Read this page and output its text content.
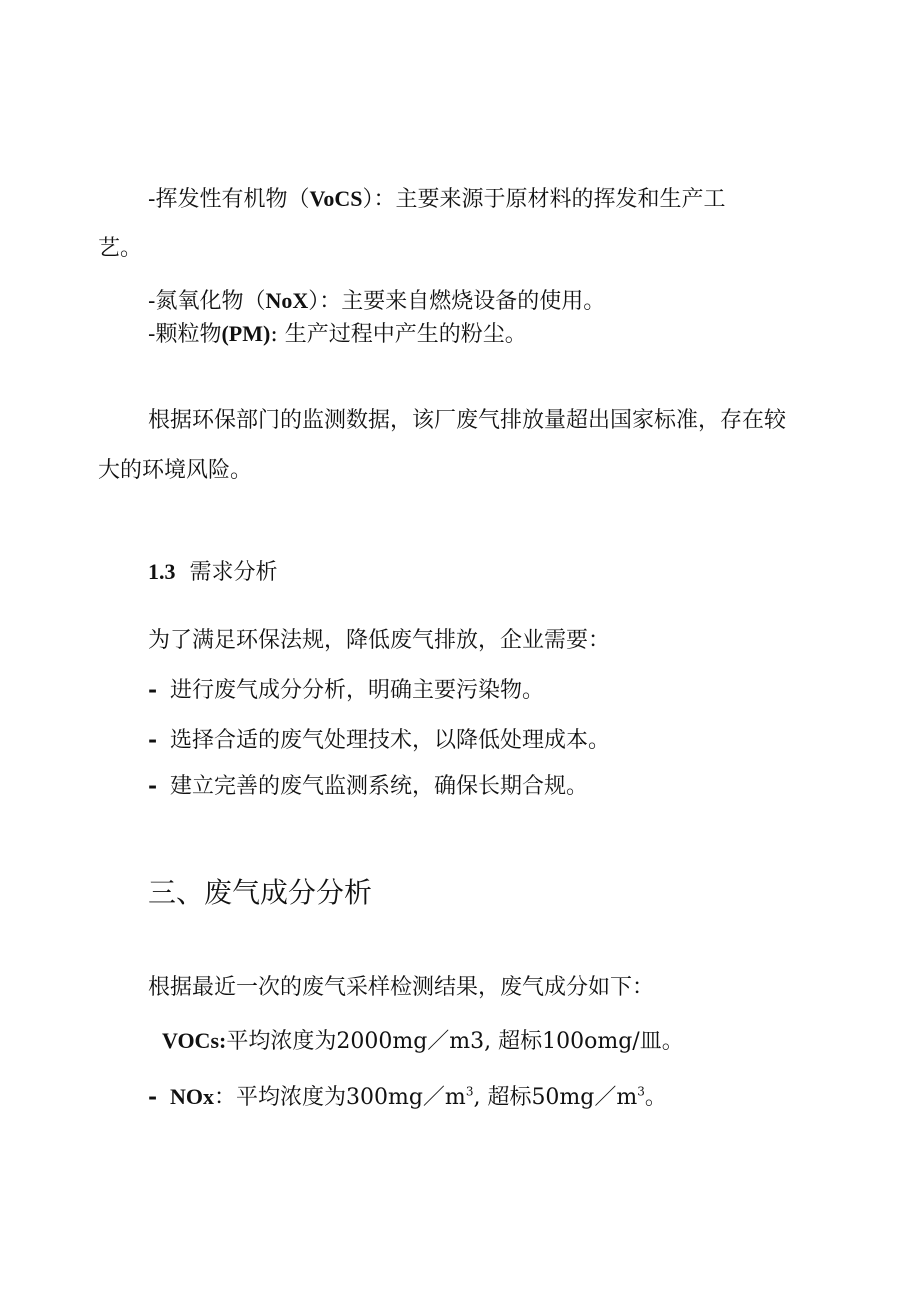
-挥发性有机物（VoCS）：主要来源于原材料的挥发和生产工
艺。
-氮氧化物（NoX）：主要来自燃烧设备的使用。
-颗粒物(PM): 生产过程中产生的粉尘。
根据环保部门的监测数据，该厂废气排放量超出国家标准，存在较
大的环境风险。
1.3 需求分析
为了满足环保法规，降低废气排放，企业需要：
- 进行废气成分分析，明确主要污染物。
- 选择合适的废气处理技术，以降低处理成本。
- 建立完善的废气监测系统，确保长期合规。
三、废气成分分析
根据最近一次的废气采样检测结果，废气成分如下：
VOCs:平均浓度为2000mg／m3, 超标100omg/皿。
- NOx：平均浓度为$300mg/m^3$, 超标$50mg/m^3$。
